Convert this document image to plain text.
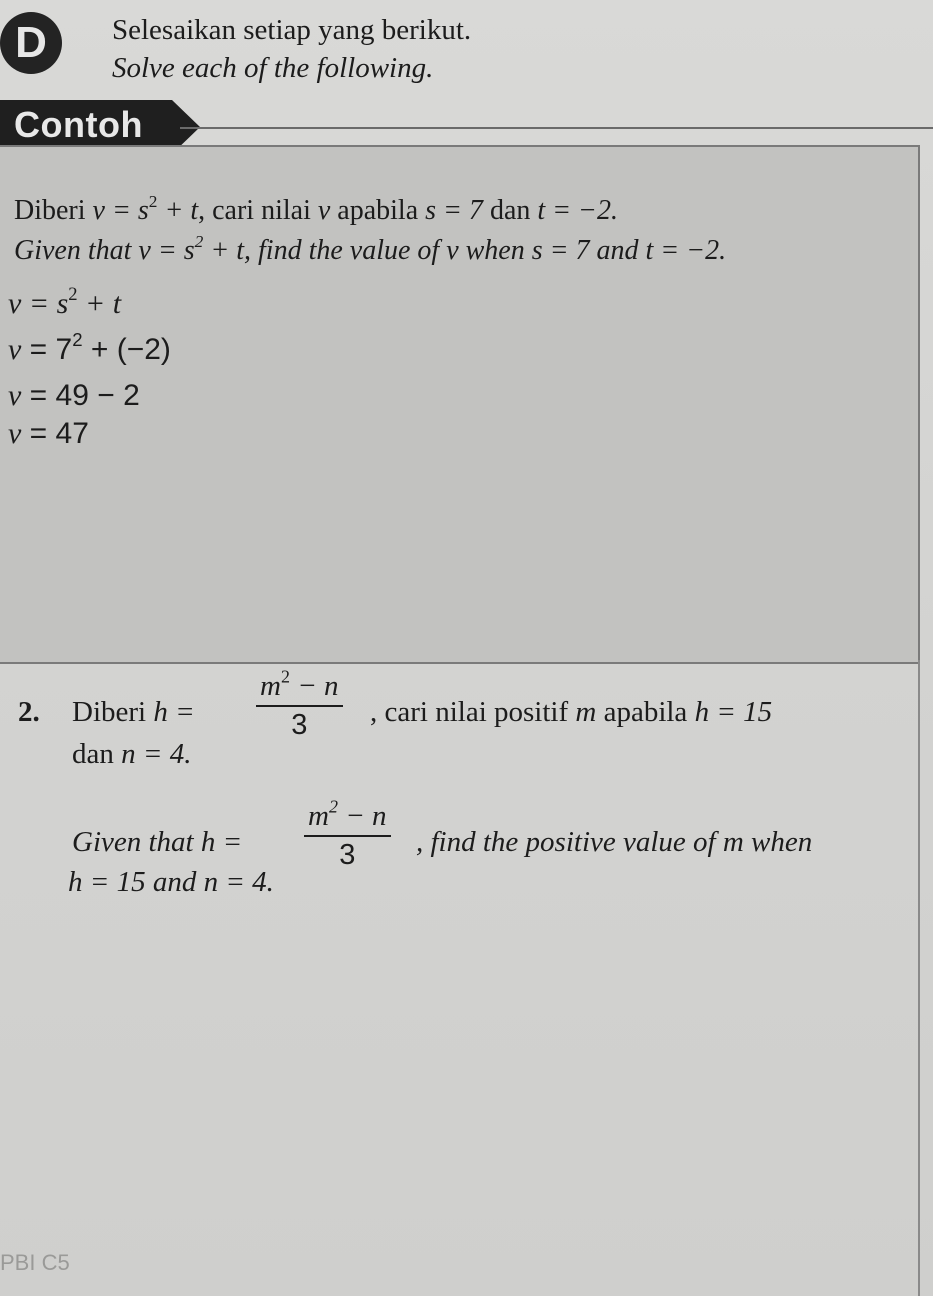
D	Selesaikan setiap yang berikut.
Solve each of the following.
Contoh
Diberi $v = s^2 + t$, cari nilai v apabila s = 7 dan t = −2.
Given that $v = s^2 + t$, find the value of v when s = 7 and t = −2.
$v = s^2 + t$
$v = 7^2 + (-2)$
v = 49 − 2
v = 47
2. Diberi $h = \frac{m^2 - n}{3}$ , cari nilai positif m apabila h = 15
dan n = 4.
Given that $h = \frac{m^2 - n}{3}$ , find the positive value of m when
h = 15 and n = 4.
PBI C5
